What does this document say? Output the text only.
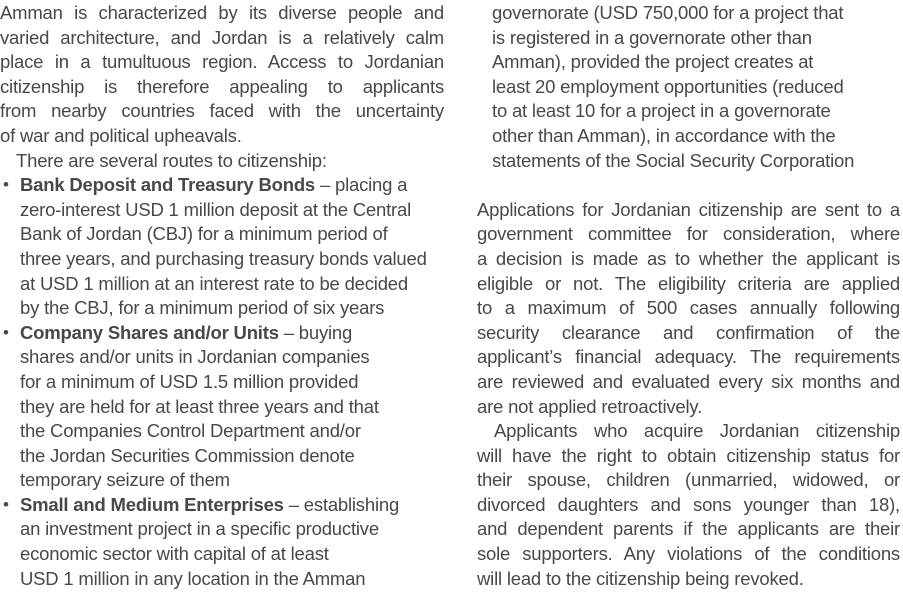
Amman is characterized by its diverse people and
varied architecture, and Jordan is a relatively calm
place in a tumultuous region. Access to Jordanian
citizenship is therefore appealing to applicants
from nearby countries faced with the uncertainty
of war and political upheavals.
There are several routes to citizenship:
• Bank Deposit and Treasury Bonds – placing a
zero-interest USD 1 million deposit at the Central
Bank of Jordan (CBJ) for a minimum period of
three years, and purchasing treasury bonds valued
at USD 1 million at an interest rate to be decided
by the CBJ, for a minimum period of six years
• Company Shares and/or Units – buying
shares and/or units in Jordanian companies
for a minimum of USD 1.5 million provided
they are held for at least three years and that
the Companies Control Department and/or
the Jordan Securities Commission denote
temporary seizure of them
• Small and Medium Enterprises – establishing
an investment project in a specific productive
economic sector with capital of at least
USD 1 million in any location in the Amman
governorate (USD 750,000 for a project that
is registered in a governorate other than
Amman), provided the project creates at
least 20 employment opportunities (reduced
to at least 10 for a project in a governorate
other than Amman), in accordance with the
statements of the Social Security Corporation
Applications for Jordanian citizenship are sent to a
government committee for consideration, where
a decision is made as to whether the applicant is
eligible or not. The eligibility criteria are applied
to a maximum of 500 cases annually following
security clearance and confirmation of the
applicant’s financial adequacy. The requirements
are reviewed and evaluated every six months and
are not applied retroactively.
Applicants who acquire Jordanian citizenship
will have the right to obtain citizenship status for
their spouse, children (unmarried, widowed, or
divorced daughters and sons younger than 18),
and dependent parents if the applicants are their
sole supporters. Any violations of the conditions
will lead to the citizenship being revoked.
